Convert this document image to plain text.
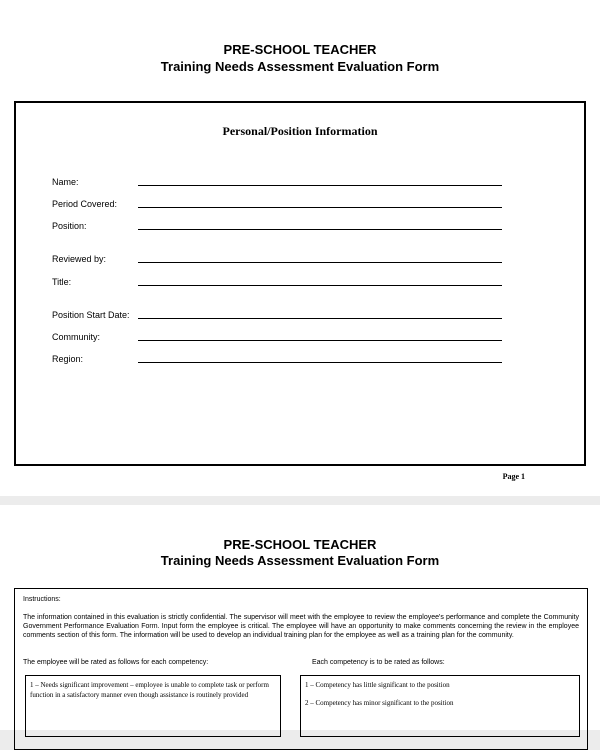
PRE-SCHOOL TEACHER
Training Needs Assessment Evaluation Form
Personal/Position Information
Name:
Period Covered:
Position:
Reviewed by:
Title:
Position Start Date:
Community:
Region:
Page 1
PRE-SCHOOL TEACHER
Training Needs Assessment Evaluation Form
Instructions:
The information contained in this evaluation is strictly confidential. The supervisor will meet with the employee to review the employee's performance and complete the Community Government Performance Evaluation Form. Input form the employee is critical. The employee will have an opportunity to make comments concerning the review in the employee comments section of this form. The information will be used to develop an individual training plan for the employee as well as a training plan for the community.
The employee will be rated as follows for each competency:	Each competency is to be rated as follows:
1 – Needs significant improvement – employee is unable to complete task or perform function in a satisfactory manner even though assistance is routinely provided
1 – Competency has little significant to the position
2 – Competency has minor significant to the position
